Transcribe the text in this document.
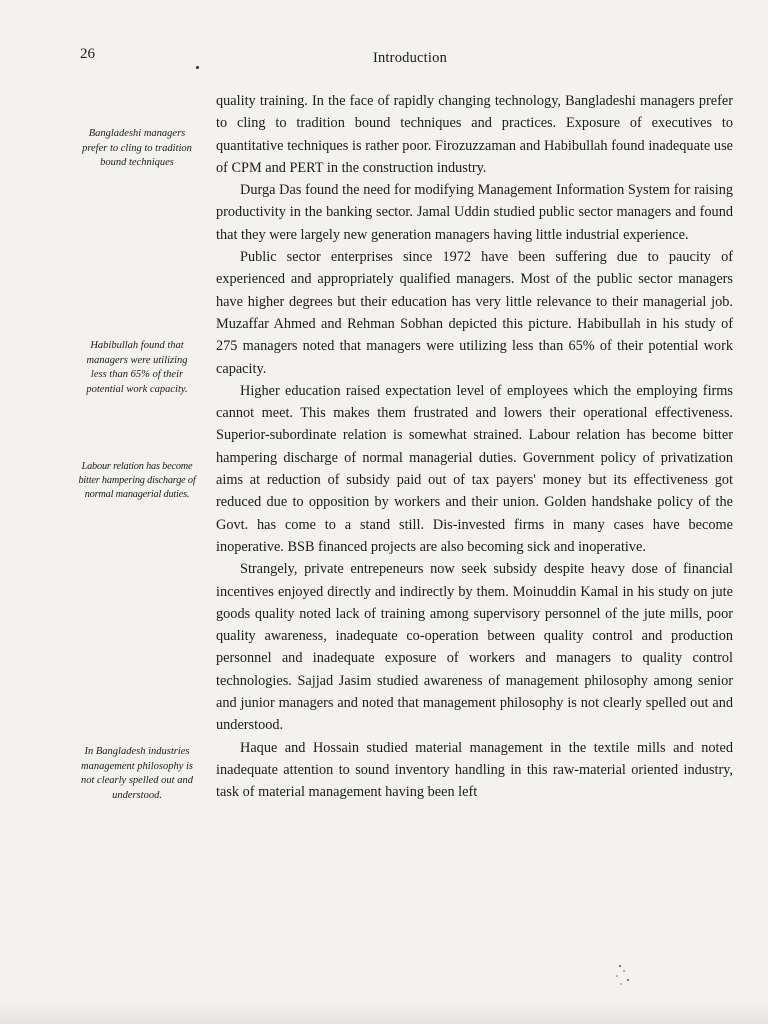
26	Introduction
Bangladeshi managers prefer to cling to tradition bound techniques
Habibullah found that managers were utilizing less than 65% of their potential work capacity.
Labour relation has become bitter hampering discharge of normal managerial duties.
In Bangladesh industries management philosophy is not clearly spelled out and understood.

quality training. In the face of rapidly changing technology, Bangladeshi managers prefer to cling to tradition bound techniques and practices. Exposure of executives to quantitative techniques is rather poor. Firozuzzaman and Habibullah found inadequate use of CPM and PERT in the construction industry.

Durga Das found the need for modifying Management Information System for raising productivity in the banking sector. Jamal Uddin studied public sector managers and found that they were largely new generation managers having little industrial experience.

Public sector enterprises since 1972 have been suffering due to paucity of experienced and appropriately qualified managers. Most of the public sector managers have higher degrees but their education has very little relevance to their managerial job. Muzaffar Ahmed and Rehman Sobhan depicted this picture. Habibullah in his study of 275 managers noted that managers were utilizing less than 65% of their potential work capacity.

Higher education raised expectation level of employees which the employing firms cannot meet. This makes them frustrated and lowers their operational effectiveness. Superior-subordinate relation is somewhat strained. Labour relation has become bitter hampering discharge of normal managerial duties. Government policy of privatization aims at reduction of subsidy paid out of tax payers' money but its effectiveness got reduced due to opposition by workers and their union. Golden handshake policy of the Govt. has come to a stand still. Dis-invested firms in many cases have become inoperative. BSB financed projects are also becoming sick and inoperative.

Strangely, private entrepeneurs now seek subsidy despite heavy dose of financial incentives enjoyed directly and indirectly by them. Moinuddin Kamal in his study on jute goods quality noted lack of training among supervisory personnel of the jute mills, poor quality awareness, inadequate co-operation between quality control and production personnel and inadequate exposure of workers and managers to quality control technologies. Sajjad Jasim studied awareness of management philosophy among senior and junior managers and noted that management philosophy is not clearly spelled out and understood.

Haque and Hossain studied material management in the textile mills and noted inadequate attention to sound inventory handling in this raw-material oriented industry, task of material management having been left
